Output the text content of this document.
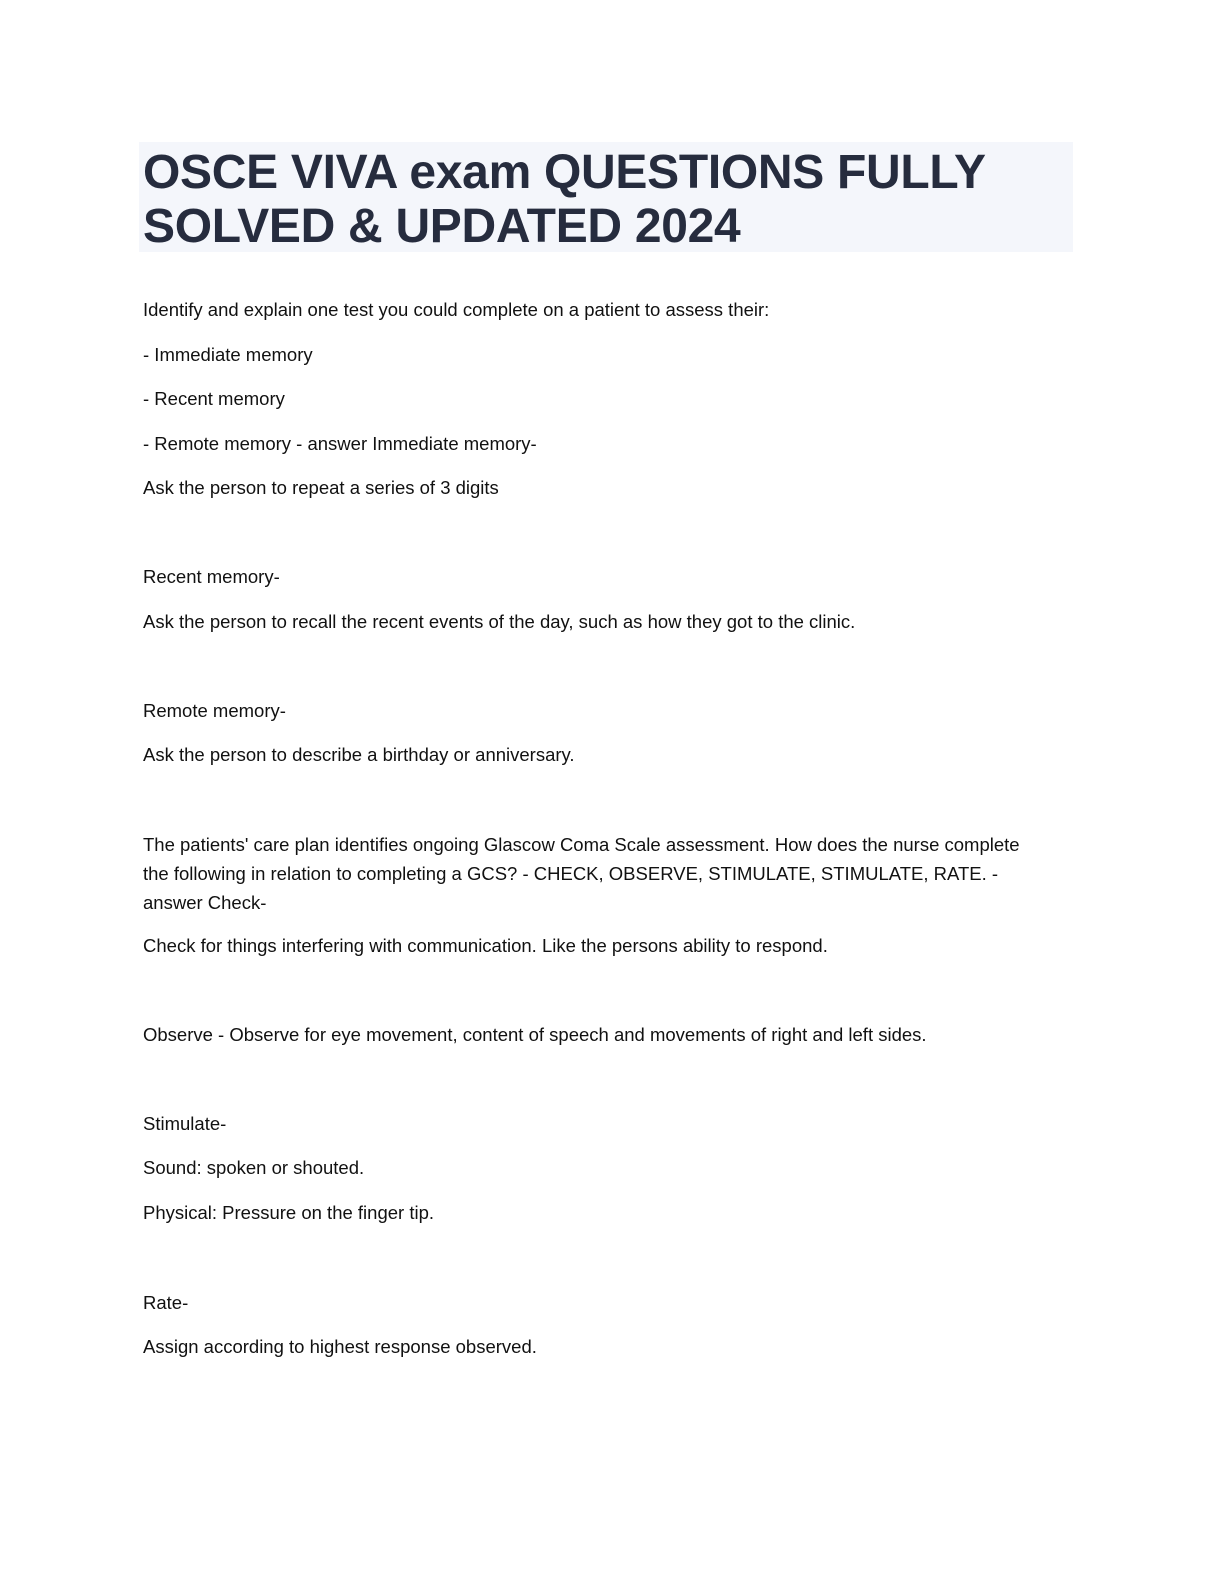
OSCE VIVA exam QUESTIONS FULLY
SOLVED & UPDATED 2024

Identify and explain one test you could complete on a patient to assess their:

- Immediate memory

- Recent memory

- Remote memory - answer Immediate memory-

Ask the person to repeat a series of 3 digits

Recent memory-

Ask the person to recall the recent events of the day, such as how they got to the clinic.

Remote memory-

Ask the person to describe a birthday or anniversary.

The patients' care plan identifies ongoing Glascow Coma Scale assessment. How does the nurse complete the following in relation to completing a GCS? - CHECK, OBSERVE, STIMULATE, STIMULATE, RATE. - answer Check-

Check for things interfering with communication. Like the persons ability to respond.

Observe - Observe for eye movement, content of speech and movements of right and left sides.

Stimulate-

Sound: spoken or shouted.

Physical: Pressure on the finger tip.

Rate-

Assign according to highest response observed.
